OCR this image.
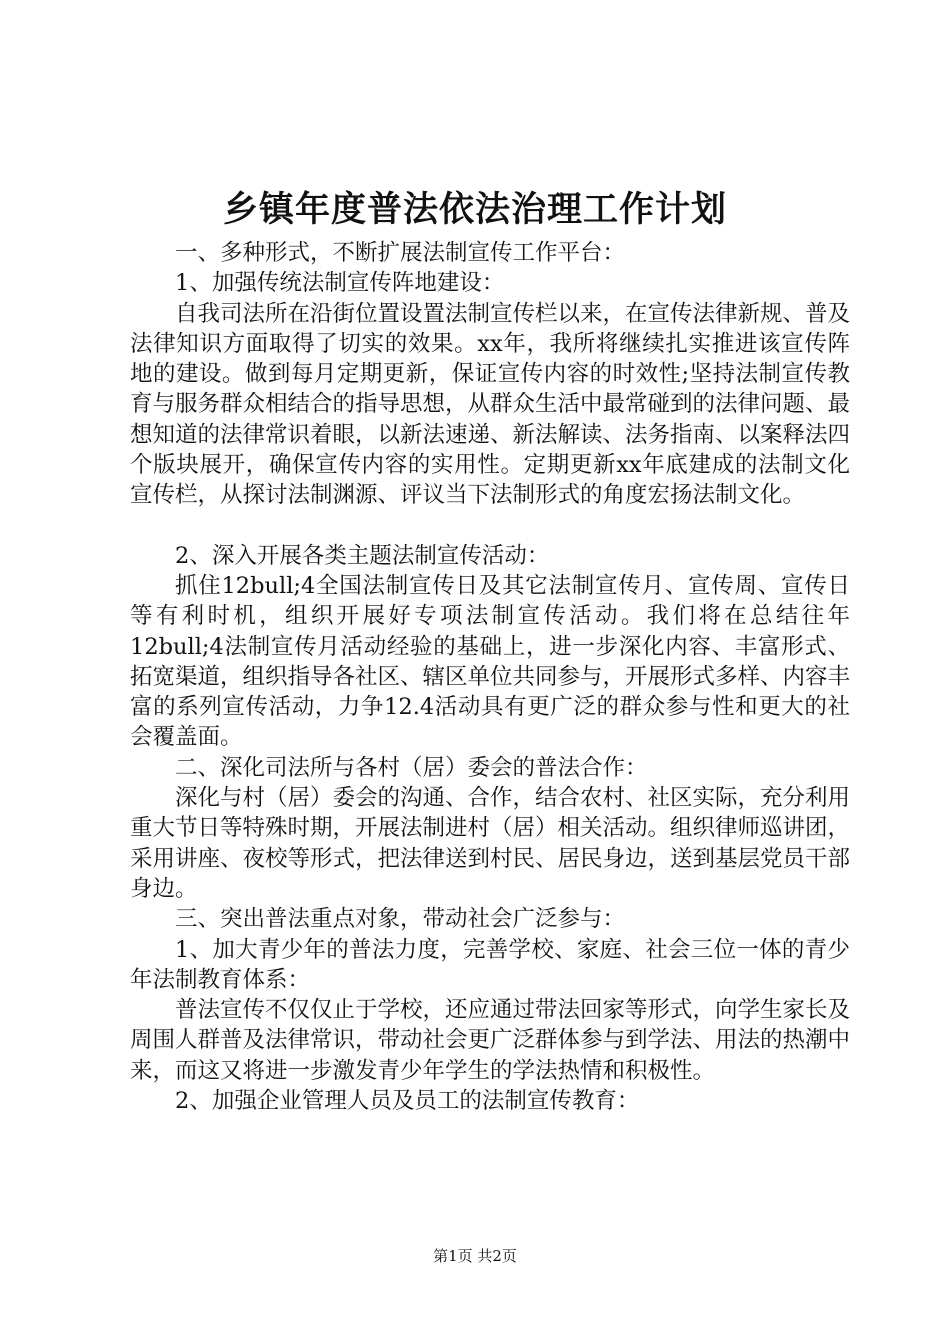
乡镇年度普法依法治理工作计划

一、多种形式，不断扩展法制宣传工作平台：

1、加强传统法制宣传阵地建设：

自我司法所在沿街位置设置法制宣传栏以来，在宣传法律新规、普及法律知识方面取得了切实的效果。xx年，我所将继续扎实推进该宣传阵地的建设。做到每月定期更新，保证宣传内容的时效性;坚持法制宣传教育与服务群众相结合的指导思想，从群众生活中最常碰到的法律问题、最想知道的法律常识着眼，以新法速递、新法解读、法务指南、以案释法四个版块展开，确保宣传内容的实用性。定期更新xx年底建成的法制文化宣传栏，从探讨法制渊源、评议当下法制形式的角度宏扬法制文化。

2、深入开展各类主题法制宣传活动：

抓住12bull;4全国法制宣传日及其它法制宣传月、宣传周、宣传日等有利时机，组织开展好专项法制宣传活动。我们将在总结往年12bull;4法制宣传月活动经验的基础上，进一步深化内容、丰富形式、拓宽渠道，组织指导各社区、辖区单位共同参与，开展形式多样、内容丰富的系列宣传活动，力争12.4活动具有更广泛的群众参与性和更大的社会覆盖面。

二、深化司法所与各村（居）委会的普法合作：

深化与村（居）委会的沟通、合作，结合农村、社区实际，充分利用重大节日等特殊时期，开展法制进村（居）相关活动。组织律师巡讲团，采用讲座、夜校等形式，把法律送到村民、居民身边，送到基层党员干部身边。

三、突出普法重点对象，带动社会广泛参与：

1、加大青少年的普法力度，完善学校、家庭、社会三位一体的青少年法制教育体系：

普法宣传不仅仅止于学校，还应通过带法回家等形式，向学生家长及周围人群普及法律常识，带动社会更广泛群体参与到学法、用法的热潮中来，而这又将进一步激发青少年学生的学法热情和积极性。

2、加强企业管理人员及员工的法制宣传教育：

第1页 共2页
